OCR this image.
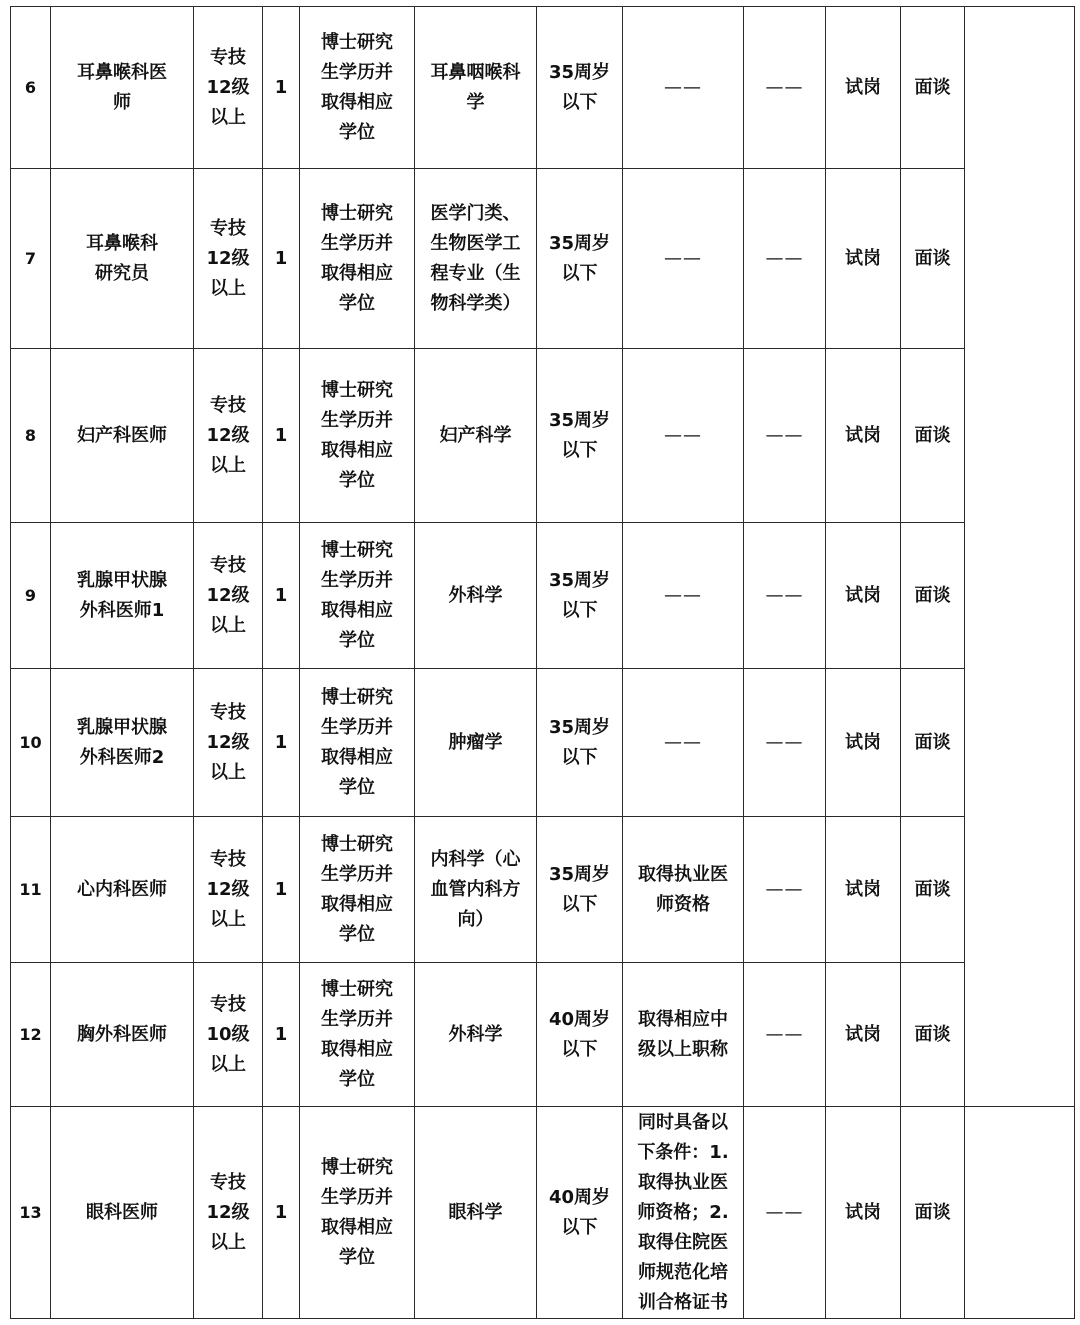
6	耳鼻喉科医师	专技12级以上	1	博士研究生学历并取得相应学位	耳鼻咽喉科学	35周岁以下	——	——	试岗	面谈	
7	耳鼻喉科研究员	专技12级以上	1	博士研究生学历并取得相应学位	医学门类、生物医学工程专业（生物科学类）	35周岁以下	——	——	试岗	面谈	
8	妇产科医师	专技12级以上	1	博士研究生学历并取得相应学位	妇产科学	35周岁以下	——	——	试岗	面谈	
9	乳腺甲状腺外科医师1	专技12级以上	1	博士研究生学历并取得相应学位	外科学	35周岁以下	——	——	试岗	面谈	
10	乳腺甲状腺外科医师2	专技12级以上	1	博士研究生学历并取得相应学位	肿瘤学	35周岁以下	——	——	试岗	面谈	
11	心内科医师	专技12级以上	1	博士研究生学历并取得相应学位	内科学（心血管内科方向）	35周岁以下	取得执业医师资格	——	试岗	面谈	
12	胸外科医师	专技10级以上	1	博士研究生学历并取得相应学位	外科学	40周岁以下	取得相应中级以上职称	——	试岗	面谈	
13	眼科医师	专技12级以上	1	博士研究生学历并取得相应学位	眼科学	40周岁以下	同时具备以下条件：1.取得执业医师资格；2.取得住院医师规范化培训合格证书	——	试岗	面谈	
